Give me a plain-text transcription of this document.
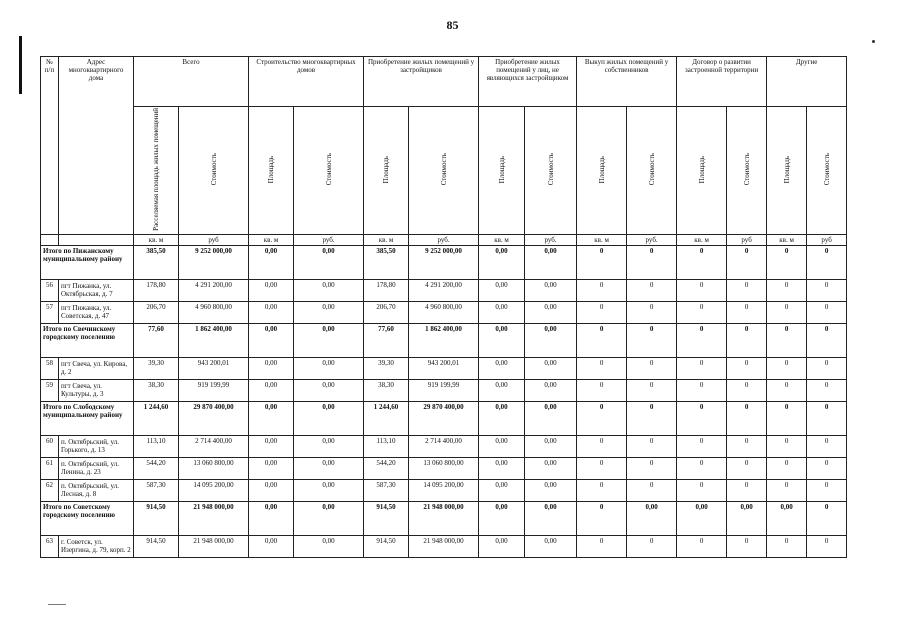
85
№ п/п	Адрес многоквартирного дома	Всего		Строительство многоквартирных домов		Приобретение жилых помещений у застройщиков		Приобретение жилых помещений у лиц, не являющихся застройщиком		Выкуп жилых помещений у собственников		Договор о развитии застроенной территории		Другие	
		Расселяемая площадь жилых помещений	Стоимость	Площадь	Стоимость	Площадь	Стоимость	Площадь	Стоимость	Площадь	Стоимость	Площадь	Стоимость	Площадь	Стоимость
		кв. м	руб	кв. м	руб.	кв. м	руб.	кв. м	руб.	кв. м	руб.	кв. м	руб	кв. м	руб
Итого по Пижанскому муниципальному району		385,50	9 252 000,00	0,00	0,00	385,50	9 252 000,00	0,00	0,00	0	0	0	0	0	0
56	пгт Пижанка, ул. Октябрьская, д. 7	178,80	4 291 200,00	0,00	0,00	178,80	4 291 200,00	0,00	0,00	0	0	0	0	0	0
57	пгт Пижанка, ул. Советская, д. 47	206,70	4 960 800,00	0,00	0,00	206,70	4 960 800,00	0,00	0,00	0	0	0	0	0	0
Итого по Свечинскому городскому поселению		77,60	1 862 400,00	0,00	0,00	77,60	1 862 400,00	0,00	0,00	0	0	0	0	0	0
58	пгт Свеча, ул. Кирова, д. 2	39,30	943 200,01	0,00	0,00	39,30	943 200,01	0,00	0,00	0	0	0	0	0	0
59	пгт Свеча, ул. Культуры, д. 3	38,30	919 199,99	0,00	0,00	38,30	919 199,99	0,00	0,00	0	0	0	0	0	0
Итого по Слободскому муниципальному району		1 244,60	29 870 400,00	0,00	0,00	1 244,60	29 870 400,00	0,00	0,00	0	0	0	0	0	0
60	п. Октябрьский, ул. Горького, д. 13	113,10	2 714 400,00	0,00	0,00	113,10	2 714 400,00	0,00	0,00	0	0	0	0	0	0
61	п. Октябрьский, ул. Ленина, д. 23	544,20	13 060 800,00	0,00	0,00	544,20	13 060 800,00	0,00	0,00	0	0	0	0	0	0
62	п. Октябрьский, ул. Лесная, д. 8	587,30	14 095 200,00	0,00	0,00	587,30	14 095 200,00	0,00	0,00	0	0	0	0	0	0
Итого по Советскому городскому поселению		914,50	21 948 000,00	0,00	0,00	914,50	21 948 000,00	0,00	0,00	0	0,00	0,00	0,00	0,00	0
63	г. Советск, ул. Изергина, д. 79, корп. 2	914,50	21 948 000,00	0,00	0,00	914,50	21 948 000,00	0,00	0,00	0	0	0	0	0	0
